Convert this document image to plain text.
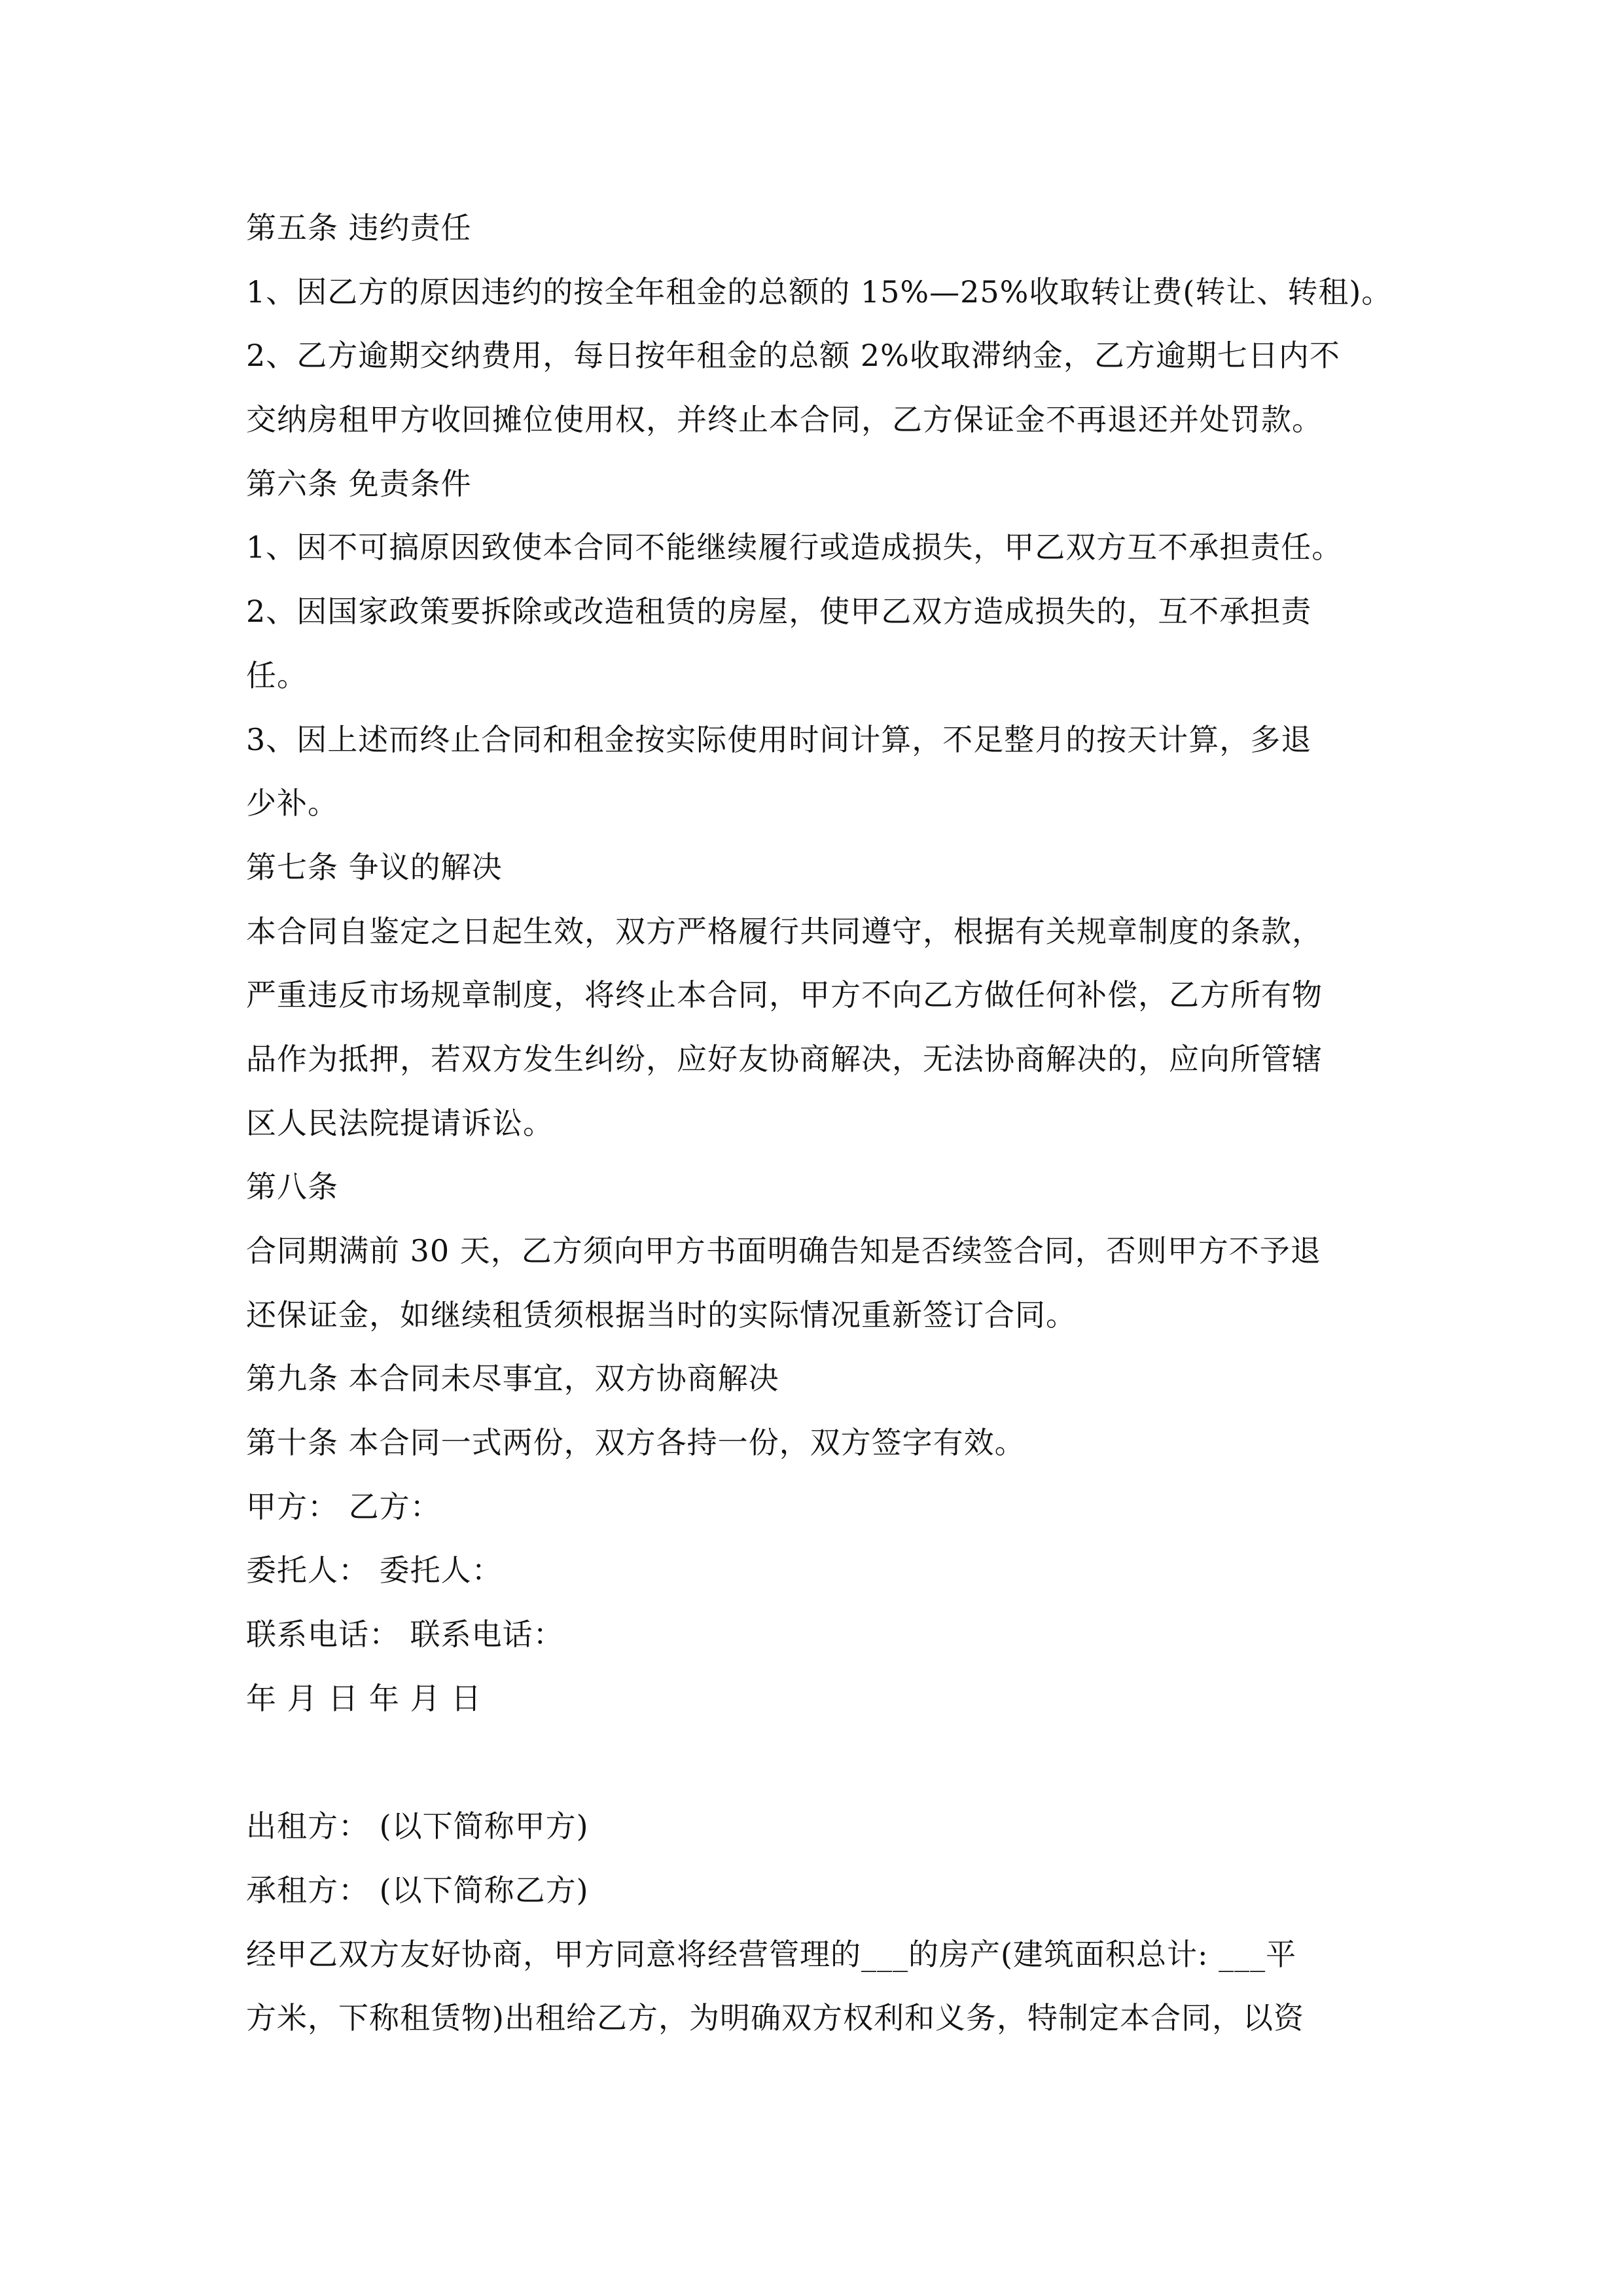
第五条 违约责任
1、因乙方的原因违约的按全年租金的总额的 15%—25%收取转让费(转让、转租)。
2、乙方逾期交纳费用，每日按年租金的总额 2%收取滞纳金，乙方逾期七日内不
交纳房租甲方收回摊位使用权，并终止本合同，乙方保证金不再退还并处罚款。
第六条 免责条件
1、因不可搞原因致使本合同不能继续履行或造成损失，甲乙双方互不承担责任。
2、因国家政策要拆除或改造租赁的房屋，使甲乙双方造成损失的，互不承担责
任。
3、因上述而终止合同和租金按实际使用时间计算，不足整月的按天计算，多退
少补。
第七条 争议的解决
本合同自鉴定之日起生效，双方严格履行共同遵守，根据有关规章制度的条款，
严重违反市场规章制度，将终止本合同，甲方不向乙方做任何补偿，乙方所有物
品作为抵押，若双方发生纠纷，应好友协商解决，无法协商解决的，应向所管辖
区人民法院提请诉讼。
第八条
合同期满前 30 天，乙方须向甲方书面明确告知是否续签合同，否则甲方不予退
还保证金，如继续租赁须根据当时的实际情况重新签订合同。
第九条 本合同未尽事宜，双方协商解决
第十条 本合同一式两份，双方各持一份，双方签字有效。
甲方： 乙方：
委托人： 委托人：
联系电话： 联系电话：
年 月 日 年 月 日
出租方： (以下简称甲方)
承租方： (以下简称乙方)
经甲乙双方友好协商，甲方同意将经营管理的___的房产(建筑面积总计: ___平
方米，下称租赁物)出租给乙方，为明确双方权利和义务，特制定本合同，以资
